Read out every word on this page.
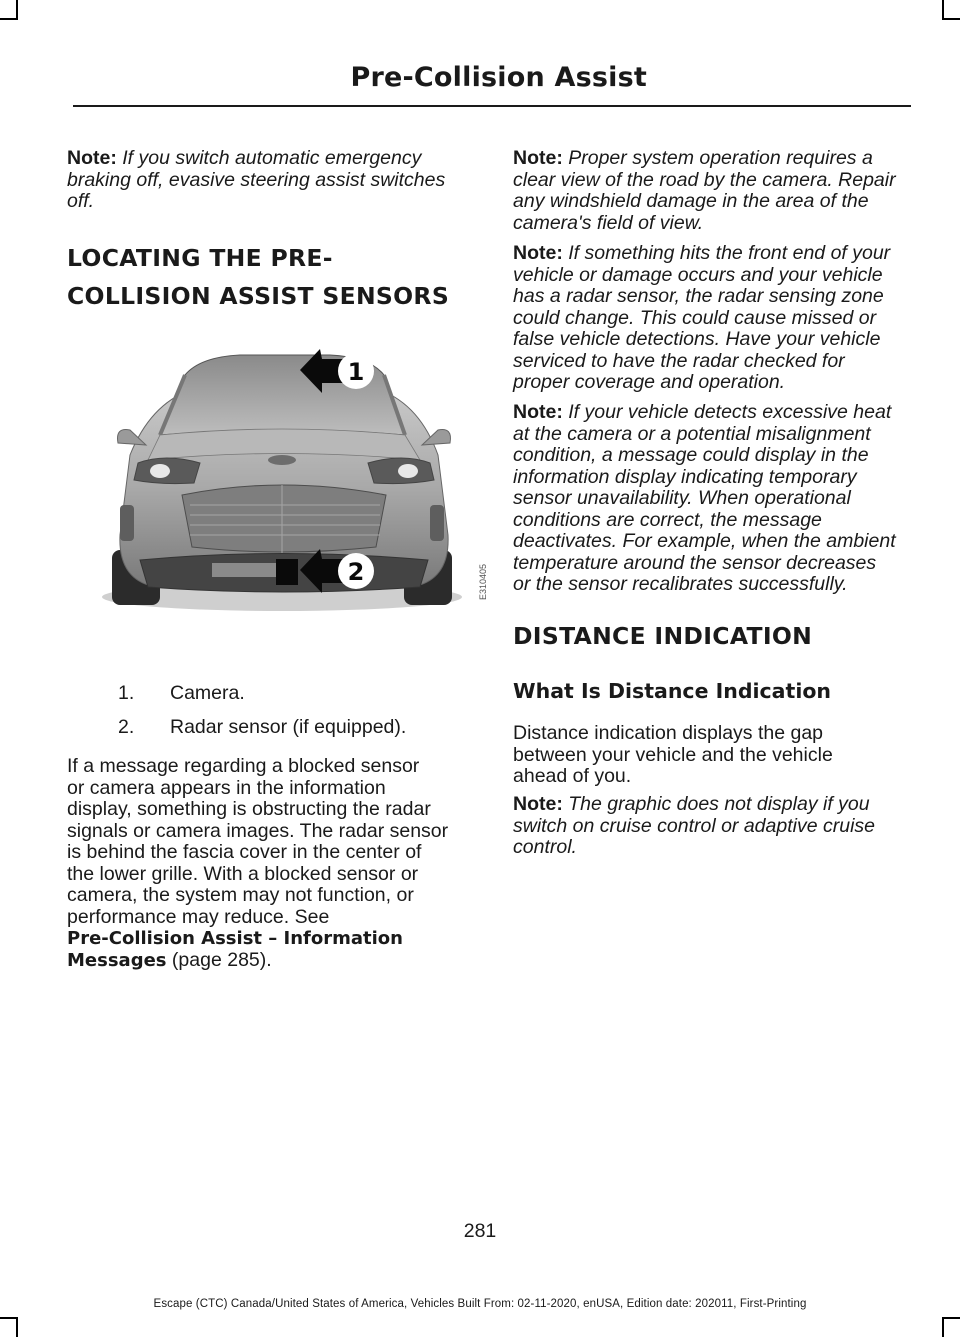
Pre-Collision Assist
Note: If you switch automatic emergency braking off, evasive steering assist switches off.
LOCATING THE PRE-
COLLISION ASSIST SENSORS
1
2	E310405
1. Camera.
2. Radar sensor (if equipped).
If a message regarding a blocked sensor
or camera appears in the information
display, something is obstructing the radar
signals or camera images. The radar sensor
is behind the fascia cover in the center of
the lower grille. With a blocked sensor or
camera, the system may not function, or
performance may reduce. See
Pre-Collision Assist – Information
Messages (page 285).
Note: Proper system operation requires a
clear view of the road by the camera. Repair
any windshield damage in the area of the
camera's field of view.
Note: If something hits the front end of your
vehicle or damage occurs and your vehicle
has a radar sensor, the radar sensing zone
could change. This could cause missed or
false vehicle detections. Have your vehicle
serviced to have the radar checked for
proper coverage and operation.
Note: If your vehicle detects excessive heat
at the camera or a potential misalignment
condition, a message could display in the
information display indicating temporary
sensor unavailability. When operational
conditions are correct, the message
deactivates. For example, when the ambient
temperature around the sensor decreases
or the sensor recalibrates successfully.
DISTANCE INDICATION
What Is Distance Indication
Distance indication displays the gap
between your vehicle and the vehicle
ahead of you.
Note: The graphic does not display if you
switch on cruise control or adaptive cruise
control.
281
Escape (CTC) Canada/United States of America, Vehicles Built From: 02-11-2020, enUSA, Edition date: 202011, First-Printing
